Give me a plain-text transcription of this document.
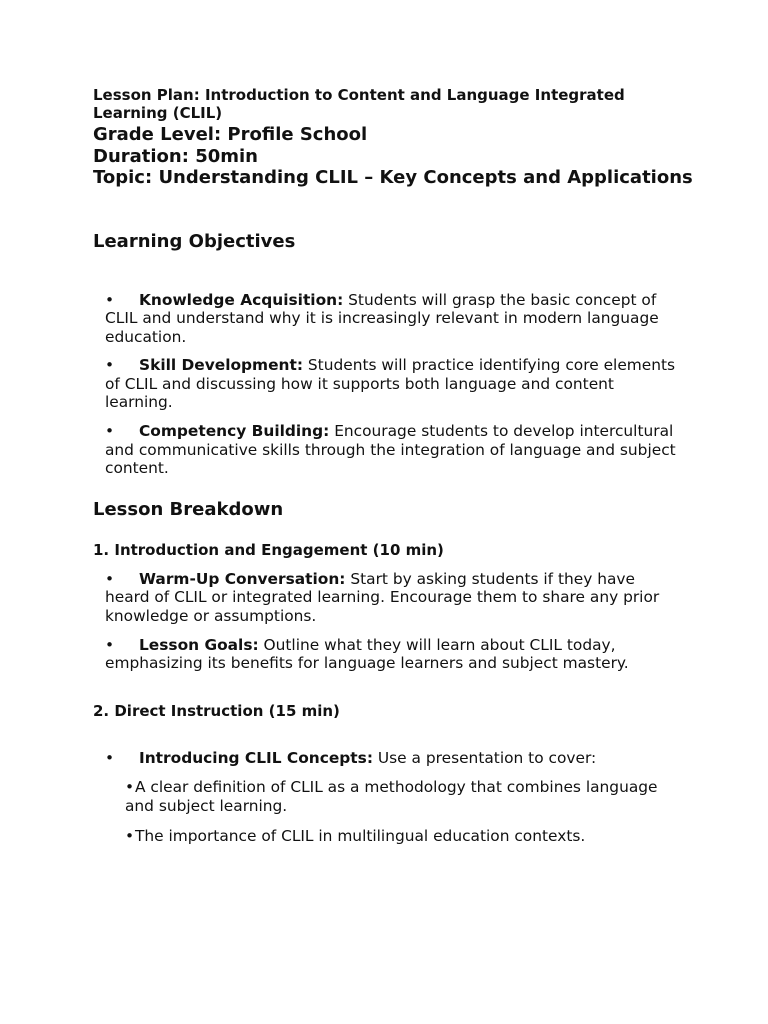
Lesson Plan: Introduction to Content and Language Integrated Learning (CLIL)

Grade Level: Profile School

Duration: 50min

Topic: Understanding CLIL – Key Concepts and Applications

Learning Objectives

• Knowledge Acquisition: Students will grasp the basic concept of CLIL and understand why it is increasingly relevant in modern language education.

• Skill Development: Students will practice identifying core elements of CLIL and discussing how it supports both language and content learning.

• Competency Building: Encourage students to develop intercultural and communicative skills through the integration of language and subject content.

Lesson Breakdown

1. Introduction and Engagement (10 min)

• Warm-Up Conversation: Start by asking students if they have heard of CLIL or integrated learning. Encourage them to share any prior knowledge or assumptions.

• Lesson Goals: Outline what they will learn about CLIL today, emphasizing its benefits for language learners and subject mastery.

2. Direct Instruction (15 min)

• Introducing CLIL Concepts: Use a presentation to cover:

•A clear definition of CLIL as a methodology that combines language and subject learning.

•The importance of CLIL in multilingual education contexts.
